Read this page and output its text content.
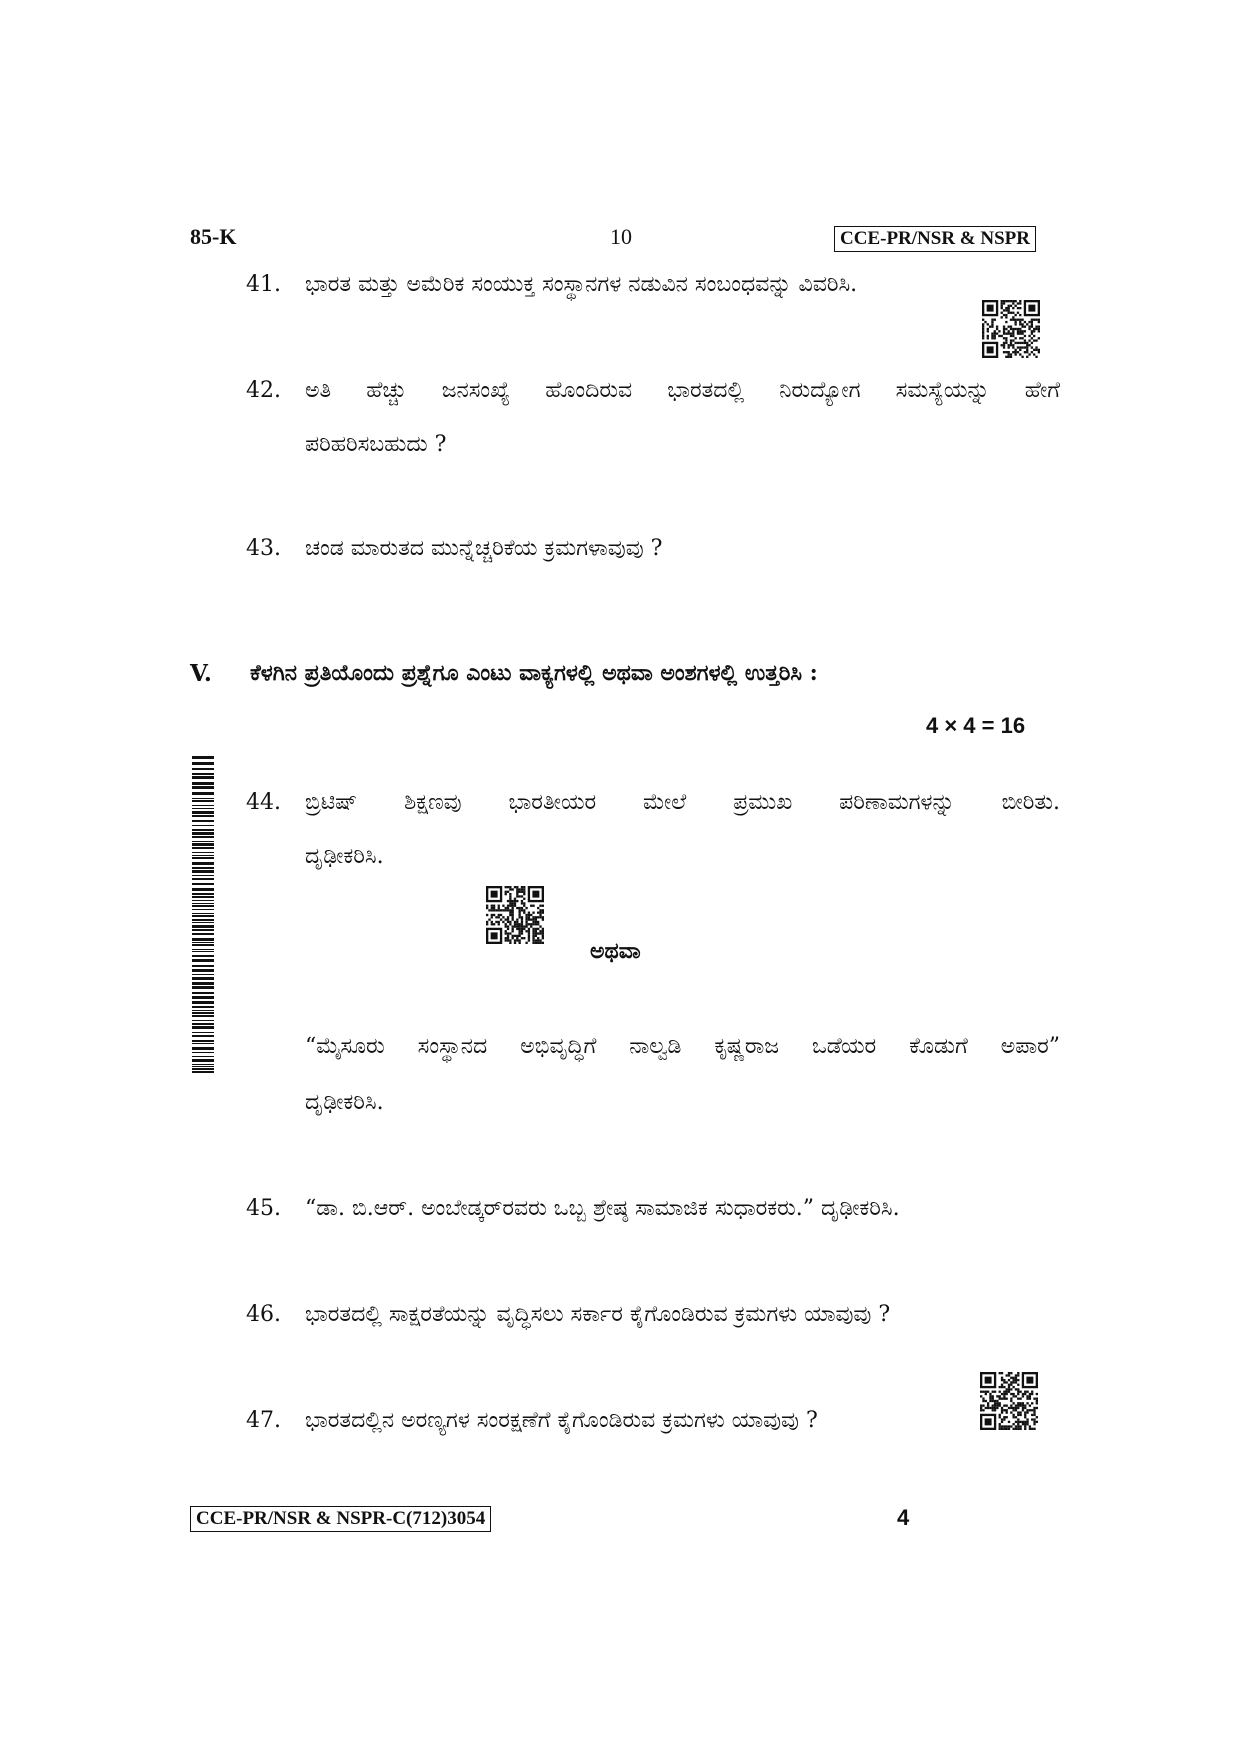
85-K	10	CCE-PR/NSR & NSPR
41. ಭಾರತ ಮತ್ತು ಅಮೆರಿಕ ಸಂಯುಕ್ತ ಸಂಸ್ಥಾನಗಳ ನಡುವಿನ ಸಂಬಂಧವನ್ನು ವಿವರಿಸಿ.
42. ಅತಿ ಹೆಚ್ಚು ಜನಸಂಖ್ಯೆ ಹೊಂದಿರುವ ಭಾರತದಲ್ಲಿ ನಿರುದ್ಯೋಗ ಸಮಸ್ಯೆಯನ್ನು ಹೇಗೆ
ಪರಿಹರಿಸಬಹುದು ?
43. ಚಂಡ ಮಾರುತದ ಮುನ್ನೆಚ್ಚರಿಕೆಯ ಕ್ರಮಗಳಾವುವು ?
V. ಕೆಳಗಿನ ಪ್ರತಿಯೊಂದು ಪ್ರಶ್ನೆಗೂ ಎಂಟು ವಾಕ್ಯಗಳಲ್ಲಿ ಅಥವಾ ಅಂಶಗಳಲ್ಲಿ ಉತ್ತರಿಸಿ :
4 × 4 = 16
44. ಬ್ರಿಟಿಷ್ ಶಿಕ್ಷಣವು ಭಾರತೀಯರ ಮೇಲೆ ಪ್ರಮುಖ ಪರಿಣಾಮಗಳನ್ನು ಬೀರಿತು.
ದೃಢೀಕರಿಸಿ.
ಅಥವಾ
“ಮೈಸೂರು ಸಂಸ್ಥಾನದ ಅಭಿವೃದ್ಧಿಗೆ ನಾಲ್ವಡಿ ಕೃಷ್ಣರಾಜ ಒಡೆಯರ ಕೊಡುಗೆ ಅಪಾರ”
ದೃಢೀಕರಿಸಿ.
45. “ಡಾ. ಬಿ.ಆರ್. ಅಂಬೇಡ್ಕರ್‌ರವರು ಒಬ್ಬ ಶ್ರೇಷ್ಠ ಸಾಮಾಜಿಕ ಸುಧಾರಕರು.” ದೃಢೀಕರಿಸಿ.
46. ಭಾರತದಲ್ಲಿ ಸಾಕ್ಷರತೆಯನ್ನು ವೃದ್ಧಿಸಲು ಸರ್ಕಾರ ಕೈಗೊಂಡಿರುವ ಕ್ರಮಗಳು ಯಾವುವು ?
47. ಭಾರತದಲ್ಲಿನ ಅರಣ್ಯಗಳ ಸಂರಕ್ಷಣೆಗೆ ಕೈಗೊಂಡಿರುವ ಕ್ರಮಗಳು ಯಾವುವು ?
CCE-PR/NSR & NSPR-C(712)3054	4
